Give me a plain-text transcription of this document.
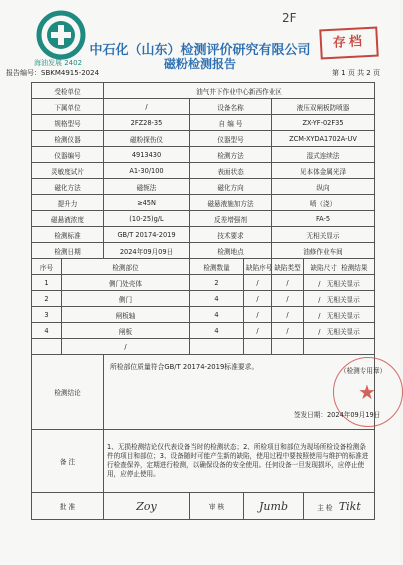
海油发展 2402
2F
存档
中石化（山东）检测评价研究有限公司
磁粉检测报告
报告编号：SBKM4915-2024	第 1 页 共 2 页
受检单位		油气井下作业中心新西作业区				
下属单位		/	设备名称		液压双闸板防喷器	
规格型号		2FZ28-35	自 编 号		ZX-YF-02F35	
检测仪器		磁粉探伤仪	仪器型号		ZCM-XYDA1702A-UV	
仪器编号		4913430	检测方法		湿式连续法	
灵敏度试片		A1-30/100	表面状态		见本体金属光泽	
磁化方法		磁轭法	磁化方向		纵向	
提升力		≥45N	磁悬液施加方法		喷（浇）	
磁悬液浓度		(10-25)g/L	反差增强剂		FA-5	
检测标准		GB/T 20174-2019	技术要求		无相关显示	
检测日期		2024年09月09日	检测地点		油修作业车间	
序号	检测部位		检测数量	缺陷序号	缺陷类型	缺陷尺寸 检测结果
1	侧门处壳体		2	/	/	/ 无相关显示
2	侧门		4	/	/	/ 无相关显示
3	闸板轴		4	/	/	/ 无相关显示
4	闸板		4	/	/	/ 无相关显示
	/					
检测结论		★
所检部位质量符合GB/T 20174-2019标准要求。 （检测专用章）
签发日期：2024年09月19日				

备 注		1、无损检测结论仅代表设备当时的检测状态；2、所检项目和部位为现场所检设备检测条件的项目和部位；3、设备随时可能产生新的缺陷，使用过程中要按照使用与维护的标准进行检查保养，定期进行检测，以确保设备的安全使用。任何设备一旦发现损坏，应停止使用，应停止使用。				
批 准		Zoy	审 核	Jumb		主 检 Tikt
